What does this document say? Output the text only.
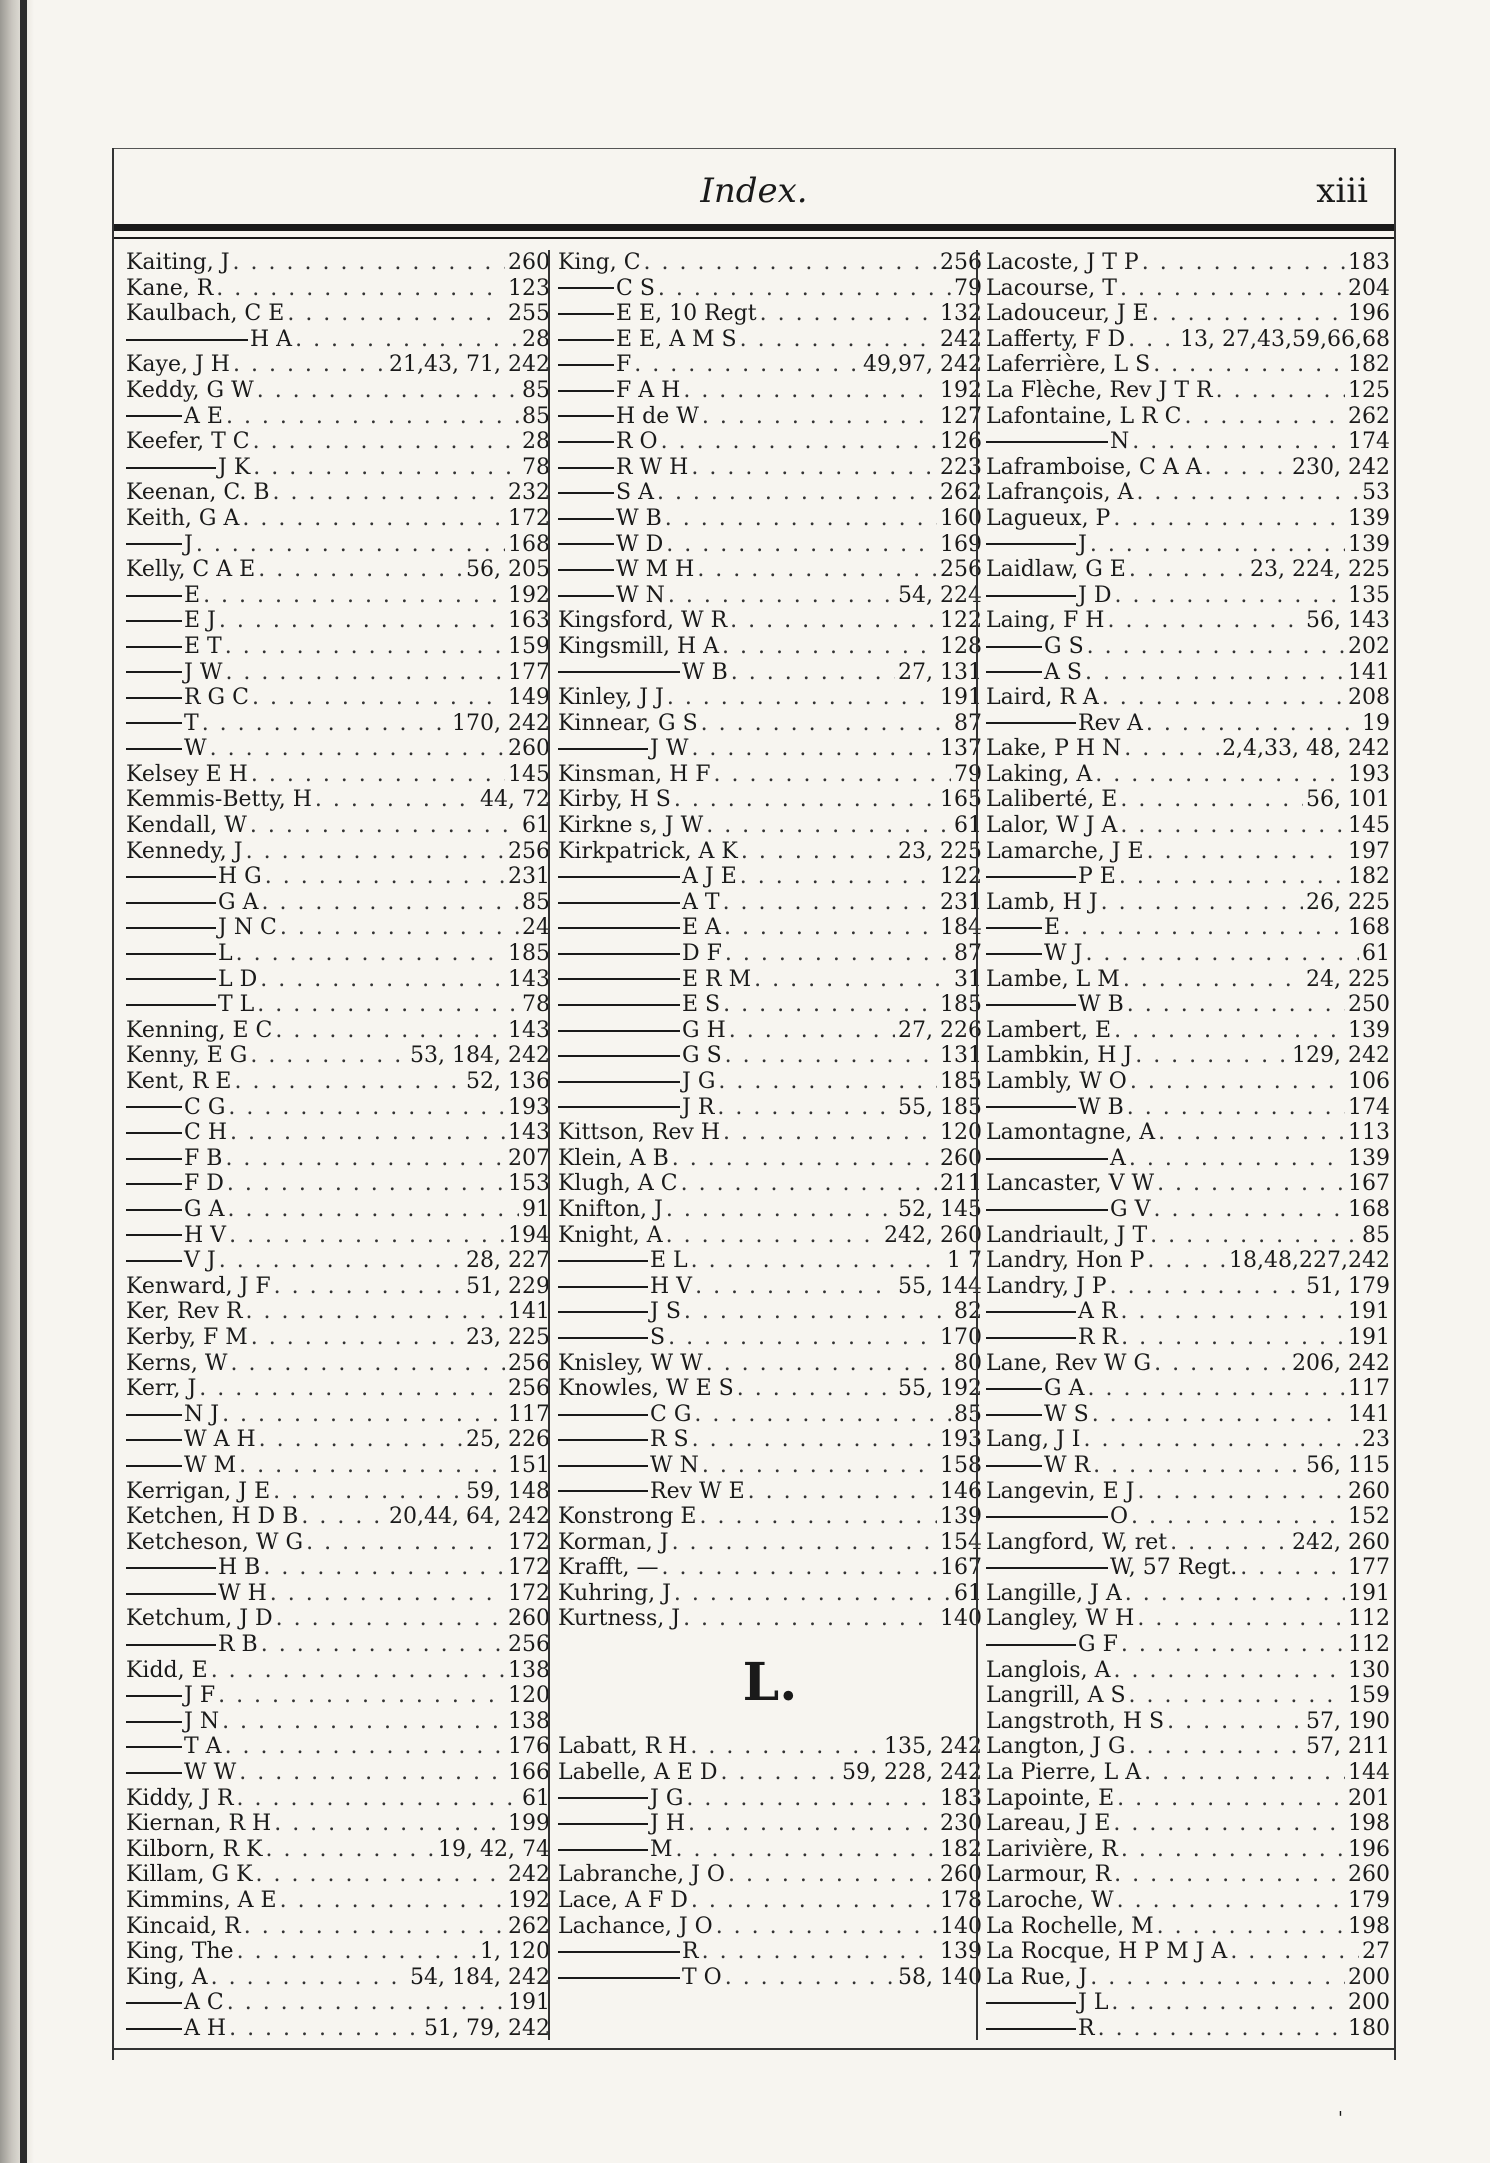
Index.	xiii
Kaiting, J . . .	260
Kane, R . . .	123
Kaulbach, C E . . .	255
H A . . .	28
Kaye, J H . . .	21,43, 71, 242
Keddy, G W . . .	85
A E . . .	85
Keefer, T C . . .	28
J K . . .	78
Keenan, C. B . . .	232
Keith, G A . . .	172
J . . .	168
Kelly, C A E . . .	56, 205
E . . .	192
E J . . .	163
E T . . .	159
J W . . .	177
R G C . . .	149
T . . .	170, 242
W . . .	260
Kelsey E H . . .	145
Kemmis-Betty, H . . .	44, 72
Kendall, W . . .	61
Kennedy, J . . .	256
H G . . .	231
G A . . .	85
J N C . . .	24
L . . .	185
L D . . .	143
T L . . .	78
Kenning, E C . . .	143
Kenny, E G . . .	53, 184, 242
Kent, R E . . .	52, 136
C G . . .	193
C H . . .	143
F B . . .	207
F D . . .	153
G A . . .	91
H V . . .	194
V J . . .	28, 227
Kenward, J F . . .	51, 229
Ker, Rev R . . .	141
Kerby, F M . . .	23, 225
Kerns, W . . .	256
Kerr, J . . .	256
N J . . .	117
W A H . . .	25, 226
W M . . .	151
Kerrigan, J E . . .	59, 148
Ketchen, H D B . . .	20,44, 64, 242
Ketcheson, W G . . .	172
H B . . .	172
W H . . .	172
Ketchum, J D . . .	260
R B . . .	256
Kidd, E . . .	138
J F . . .	120
J N . . .	138
T A . . .	176
W W . . .	166
Kiddy, J R . . .	61
Kiernan, R H . . .	199
Kilborn, R K . . .	19, 42, 74
Killam, G K . . .	242
Kimmins, A E . . .	192
Kincaid, R . . .	262
King, The . . .	1, 120
King, A . . .	54, 184, 242
A C . . .	191
A H . . .	51, 79, 242
King, C . . .	256
C S . . .	79
E E, 10 Regt . . .	132
E E, A M S . . .	242
F . . .	49,97, 242
F A H . . .	192
H de W . . .	127
R O . . .	126
R W H . . .	223
S A . . .	262
W B . . .	160
W D . . .	169
W M H . . .	256
W N . . .	54, 224
Kingsford, W R . . .	122
Kingsmill, H A . . .	128
W B . . .	27, 131
Kinley, J J . . .	191
Kinnear, G S . . .	87
J W . . .	137
Kinsman, H F . . .	79
Kirby, H S . . .	165
Kirkne s, J W . . .	61
Kirkpatrick, A K . . .	23, 225
A J E . . .	122
A T . . .	231
E A . . .	184
D F . . .	87
E R M . . .	31
E S . . .	185
G H . . .	27, 226
G S . . .	131
J G . . .	185
J R . . .	55, 185
Kittson, Rev H . . .	120
Klein, A B . . .	260
Klugh, A C . . .	211
Knifton, J . . .	52, 145
Knight, A . . .	242, 260
E L . . .	1 7
H V . . .	55, 144
J S . . .	82
S . . .	170
Knisley, W W . . .	80
Knowles, W E S . . .	55, 192
C G . . .	85
R S . . .	193
W N . . .	158
Rev W E . . .	146
Konstrong E . . .	139
Korman, J . . .	154
Krafft, — . . .	167
Kuhring, J . . .	61
Kurtness, J . . .	140
L.
Labatt, R H . . .	135, 242
Labelle, A E D . . .	59, 228, 242
J G . . .	183
J H . . .	230
M . . .	182
Labranche, J O . . .	260
Lace, A F D . . .	178
Lachance, J O . . .	140
R . . .	139
T O . . .	58, 140
Lacoste, J T P . . .	183
Lacourse, T . . .	204
Ladouceur, J E . . .	196
Lafferty, F D . . . 13, 27,43,59,66,68
Laferrière, L S . . .	182
La Flèche, Rev J T R . . .	125
Lafontaine, L R C . . .	262
N . . .	174
Laframboise, C A A . . .	230, 242
Lafrançois, A . . .	53
Lagueux, P . . .	139
J . . .	139
Laidlaw, G E . . .	23, 224, 225
J D . . .	135
Laing, F H . . .	56, 143
G S . . .	202
A S . . .	141
Laird, R A . . .	208
Rev A . . .	19
Lake, P H N . . .	2,4,33, 48, 242
Laking, A . . .	193
Laliberté, E . . .	56, 101
Lalor, W J A . . .	145
Lamarche, J E . . .	197
P E . . .	182
Lamb, H J . . .	26, 225
E . . .	168
W J . . .	61
Lambe, L M . . .	24, 225
W B . . .	250
Lambert, E . . .	139
Lambkin, H J . . .	129, 242
Lambly, W O . . .	106
W B . . .	174
Lamontagne, A . . .	113
A . . .	139
Lancaster, V W . . .	167
G V . . .	168
Landriault, J T . . .	85
Landry, Hon P . . .	18,48,227,242
Landry, J P . . .	51, 179
A R . . .	191
R R . . .	191
Lane, Rev W G . . .	206, 242
G A . . .	117
W S . . .	141
Lang, J I . . .	23
W R . . .	56, 115
Langevin, E J . . .	260
O . . .	152
Langford, W, ret . . .	242, 260
W, 57 Regt. . . .	177
Langille, J A . . .	191
Langley, W H . . .	112
G F . . .	112
Langlois, A . . .	130
Langrill, A S . . .	159
Langstroth, H S . . .	57, 190
Langton, J G . . .	57, 211
La Pierre, L A . . .	144
Lapointe, E . . .	201
Lareau, J E . . .	198
Larivière, R . . .	196
Larmour, R . . .	260
Laroche, W . . .	179
La Rochelle, M . . .	198
La Rocque, H P M J A . . .	27
La Rue, J . . .	200
J L . . .	200
R . . .	180
'
